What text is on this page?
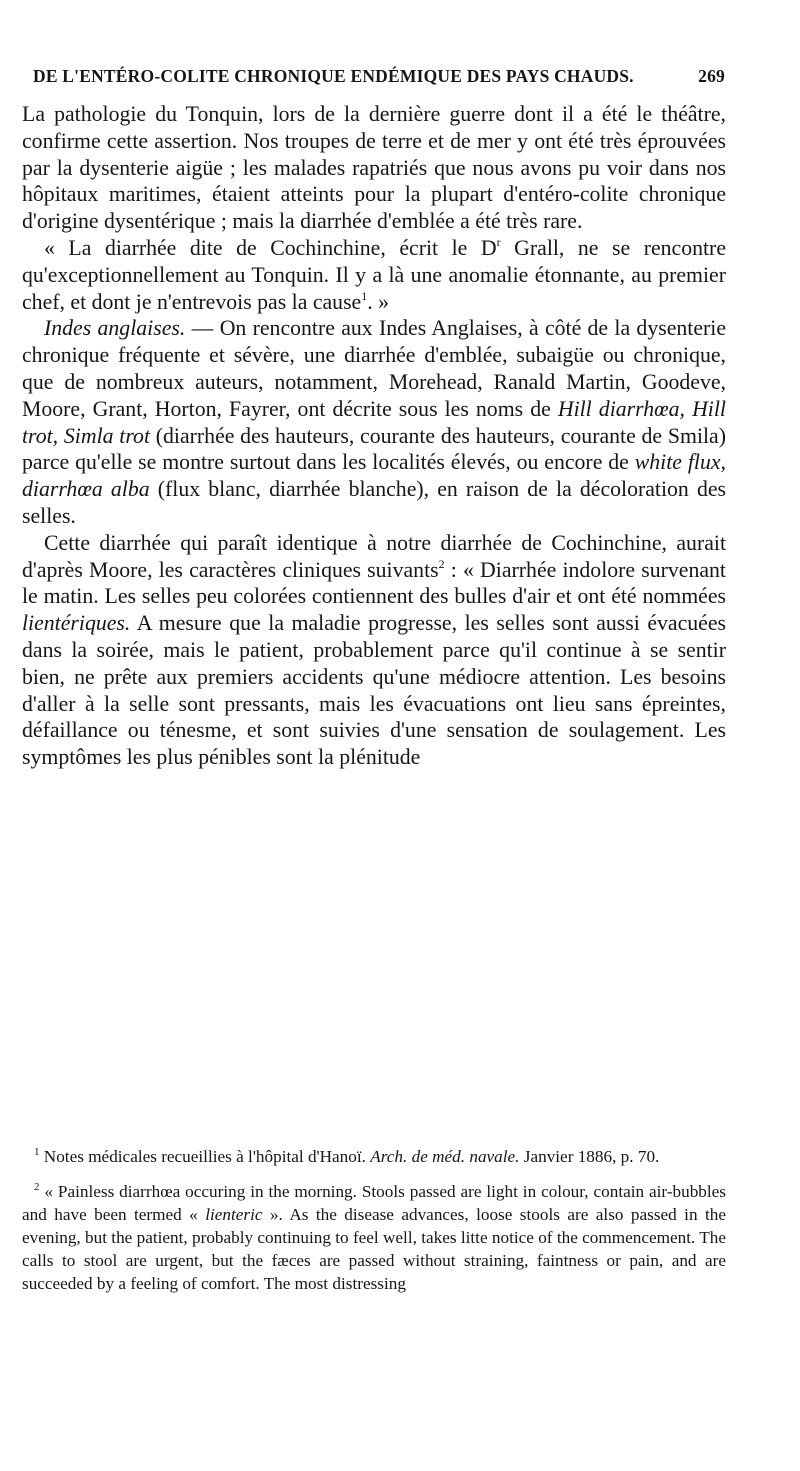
DE L'ENTÉRO-COLITE CHRONIQUE ENDÉMIQUE DES PAYS CHAUDS.	269

La pathologie du Tonquin, lors de la dernière guerre dont il a été le théâtre, confirme cette assertion. Nos troupes de terre et de mer y ont été très éprouvées par la dysenterie aigüe ; les malades rapatriés que nous avons pu voir dans nos hôpitaux maritimes, étaient atteints pour la plupart d'entéro-colite chronique d'origine dysentérique ; mais la diarrhée d'emblée a été très rare.

« La diarrhée dite de Cochinchine, écrit le $D^r$ Grall, ne se rencontre qu'exceptionnellement au Tonquin. Il y a là une anomalie étonnante, au premier chef, et dont je n'entrevois pas la cause$^1$. »

Indes anglaises. — On rencontre aux Indes Anglaises, à côté de la dysenterie chronique fréquente et sévère, une diarrhée d'emblée, subaigüe ou chronique, que de nombreux auteurs, notamment, Morehead, Ranald Martin, Goodeve, Moore, Grant, Horton, Fayrer, ont décrite sous les noms de Hill diarrhœa, Hill trot, Simla trot (diarrhée des hauteurs, courante des hauteurs, courante de Smila) parce qu'elle se montre surtout dans les localités élevés, ou encore de white flux, diarrhœa alba (flux blanc, diarrhée blanche), en raison de la décoloration des selles.

Cette diarrhée qui paraît identique à notre diarrhée de Cochinchine, aurait d'après Moore, les caractères cliniques suivants$^2$ : « Diarrhée indolore survenant le matin. Les selles peu colorées contiennent des bulles d'air et ont été nommées lientériques. A mesure que la maladie progresse, les selles sont aussi évacuées dans la soirée, mais le patient, probablement parce qu'il continue à se sentir bien, ne prête aux premiers accidents qu'une médiocre attention. Les besoins d'aller à la selle sont pressants, mais les évacuations ont lieu sans épreintes, défaillance ou ténesme, et sont suivies d'une sensation de soulagement. Les symptômes les plus pénibles sont la plénitude

$^1$ Notes médicales recueillies à l'hôpital d'Hanoï. Arch. de méd. navale. Janvier 1886, p. 70.

$^2$ « Painless diarrhœa occuring in the morning. Stools passed are light in colour, contain air-bubbles and have been termed « lienteric ». As the disease advances, loose stools are also passed in the evening, but the patient, probably continuing to feel well, takes litte notice of the commencement. The calls to stool are urgent, but the fæces are passed without straining, faintness or pain, and are succeeded by a feeling of comfort. The most distressing
